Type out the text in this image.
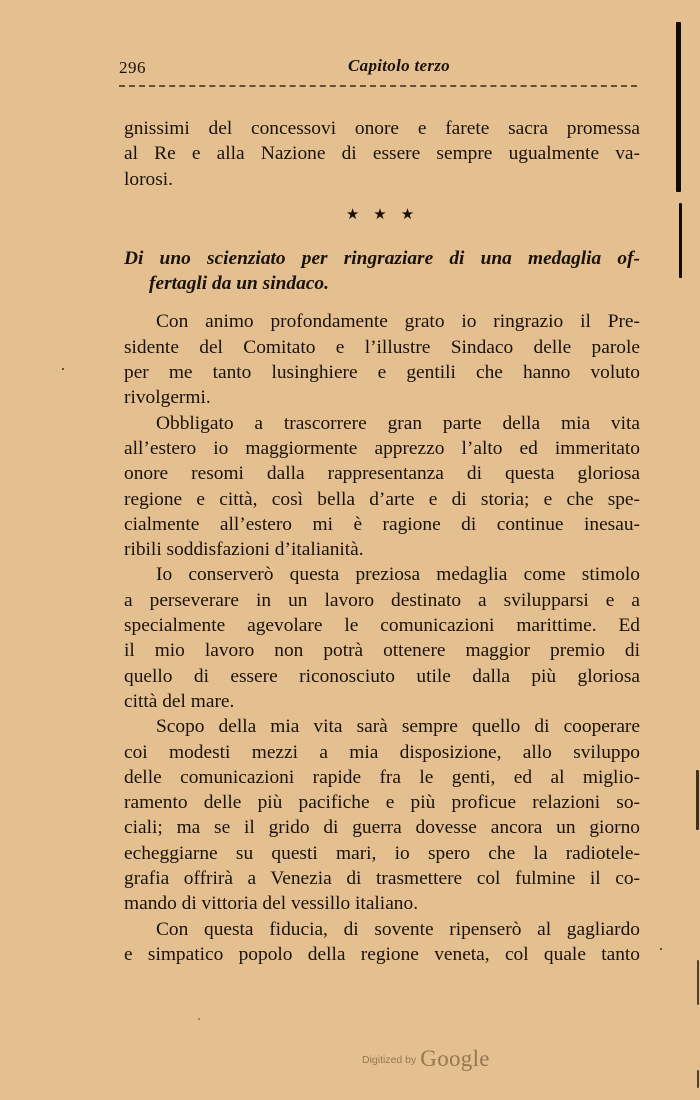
296	Capitolo terzo
gnissimi del concessovi onore e farete sacra promessa
al Re e alla Nazione di essere sempre ugualmente va-
lorosi.
★★★
Di uno scienziato per ringraziare di una medaglia of-
fertagli da un sindaco.
Con animo profondamente grato io ringrazio il Pre-
sidente del Comitato e l’illustre Sindaco delle parole
per me tanto lusinghiere e gentili che hanno voluto
rivolgermi.
Obbligato a trascorrere gran parte della mia vita
all’estero io maggiormente apprezzo l’alto ed immeritato
onore resomi dalla rappresentanza di questa gloriosa
regione e città, così bella d’arte e di storia; e che spe-
cialmente all’estero mi è ragione di continue inesau-
ribili soddisfazioni d’italianità.
Io conserverò questa preziosa medaglia come stimolo
a perseverare in un lavoro destinato a svilupparsi e a
specialmente agevolare le comunicazioni marittime. Ed
il mio lavoro non potrà ottenere maggior premio di
quello di essere riconosciuto utile dalla più gloriosa
città del mare.
Scopo della mia vita sarà sempre quello di cooperare
coi modesti mezzi a mia disposizione, allo sviluppo
delle comunicazioni rapide fra le genti, ed al miglio-
ramento delle più pacifiche e più proficue relazioni so-
ciali; ma se il grido di guerra dovesse ancora un giorno
echeggiarne su questi mari, io spero che la radiotele-
grafia offrirà a Venezia di trasmettere col fulmine il co-
mando di vittoria del vessillo italiano.
Con questa fiducia, di sovente ripenserò al gagliardo
e simpatico popolo della regione veneta, col quale tanto
Digitized by Google
